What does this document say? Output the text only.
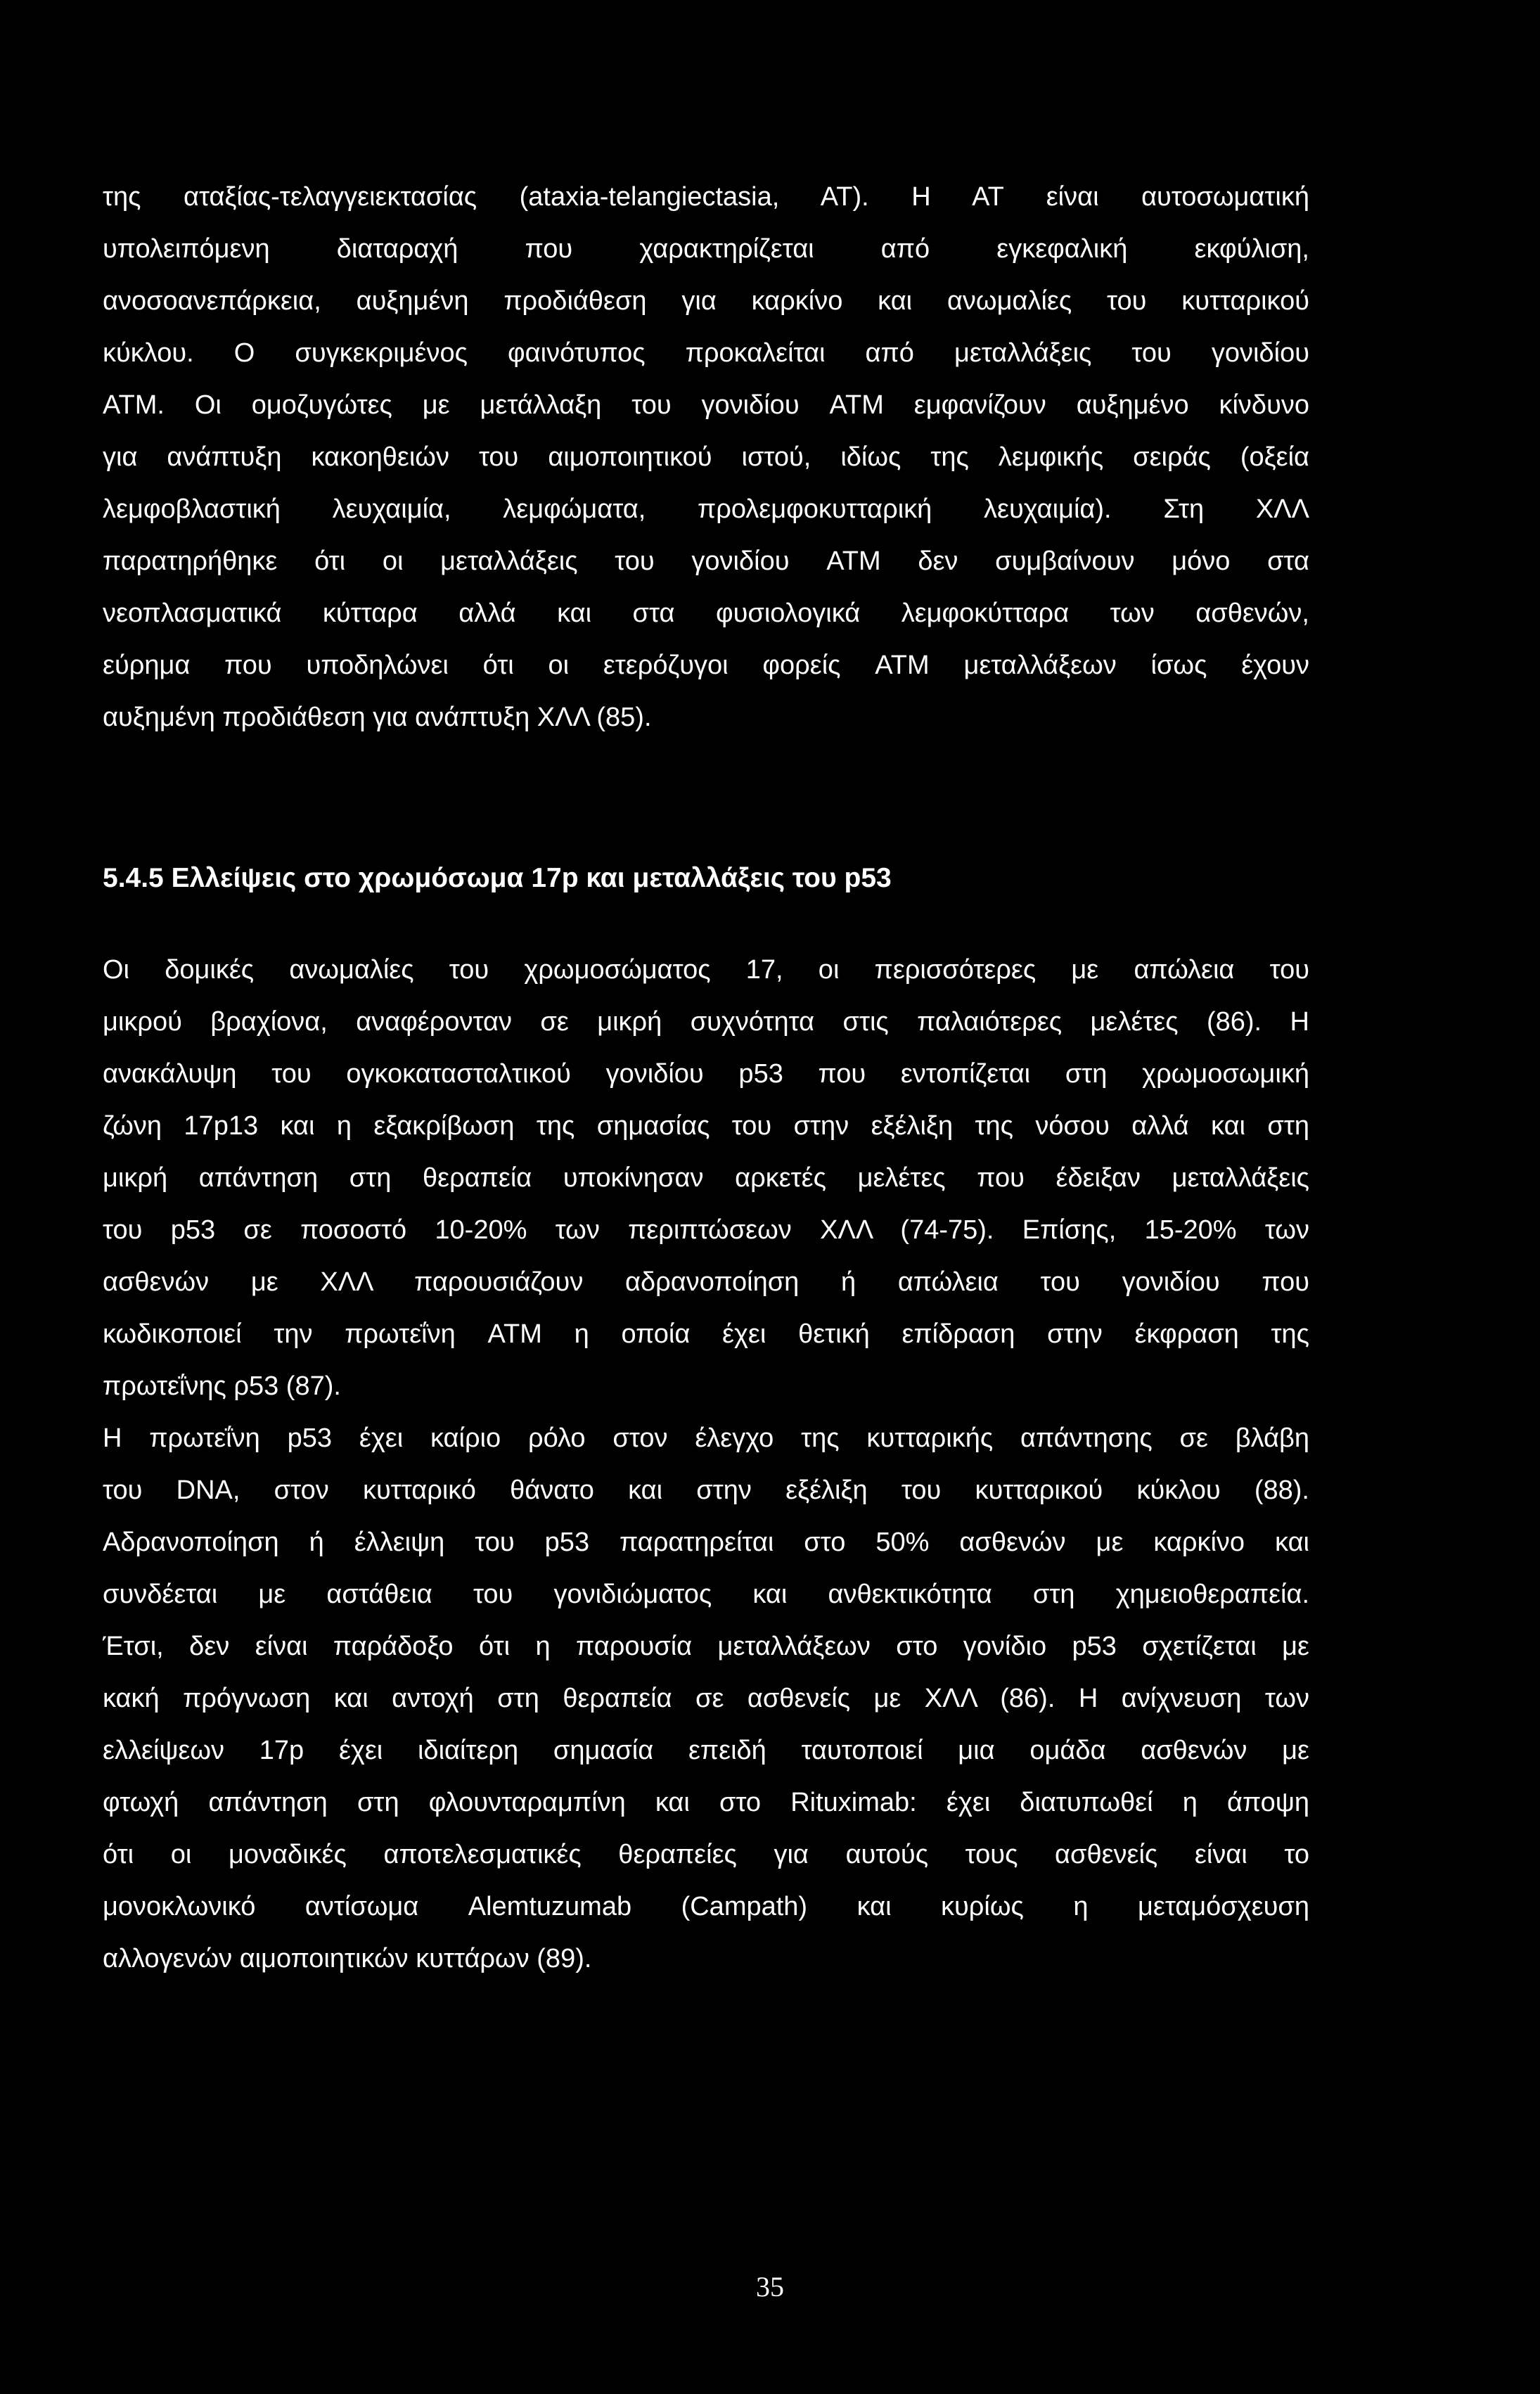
της αταξίας-τελαγγειεκτασίας (ataxia-telangiectasia, AT). H AT είναι αυτοσωματική
υπολειπόμενη διαταραχή που χαρακτηρίζεται από εγκεφαλική εκφύλιση,
ανοσοανεπάρκεια, αυξημένη προδιάθεση για καρκίνο και ανωμαλίες του κυτταρικού
κύκλου. Ο συγκεκριμένος φαινότυπος προκαλείται από μεταλλάξεις του γονιδίου
ATM. Οι ομοζυγώτες με μετάλλαξη του γονιδίου ATM εμφανίζουν αυξημένο κίνδυνο
για ανάπτυξη κακοηθειών του αιμοποιητικού ιστού, ιδίως της λεμφικής σειράς (οξεία
λεμφοβλαστική λευχαιμία, λεμφώματα, προλεμφοκυτταρική λευχαιμία). Στη ΧΛΛ
παρατηρήθηκε ότι οι μεταλλάξεις του γονιδίου ATM δεν συμβαίνουν μόνο στα
νεοπλασματικά κύτταρα αλλά και στα φυσιολογικά λεμφοκύτταρα των ασθενών,
εύρημα που υποδηλώνει ότι οι ετερόζυγοι φορείς ATM μεταλλάξεων ίσως έχουν
αυξημένη προδιάθεση για ανάπτυξη ΧΛΛ (85).
5.4.5 Ελλείψεις στο χρωμόσωμα 17p και μεταλλάξεις του p53
Οι δομικές ανωμαλίες του χρωμοσώματος 17, οι περισσότερες με απώλεια του
μικρού βραχίονα, αναφέρονταν σε μικρή συχνότητα στις παλαιότερες μελέτες (86). Η
ανακάλυψη του ογκοκατασταλτικού γονιδίου p53 που εντοπίζεται στη χρωμοσωμική
ζώνη 17p13 και η εξακρίβωση της σημασίας του στην εξέλιξη της νόσου αλλά και στη
μικρή απάντηση στη θεραπεία υποκίνησαν αρκετές μελέτες που έδειξαν μεταλλάξεις
του p53 σε ποσοστό 10-20% των περιπτώσεων ΧΛΛ (74-75). Επίσης, 15-20% των
ασθενών με ΧΛΛ παρουσιάζουν αδρανοποίηση ή απώλεια του γονιδίου που
κωδικοποιεί την πρωτεΐνη ATM η οποία έχει θετική επίδραση στην έκφραση της
πρωτεΐνης ρ53 (87).
Η πρωτεΐνη p53 έχει καίριο ρόλο στον έλεγχο της κυτταρικής απάντησης σε βλάβη
του DNA, στον κυτταρικό θάνατο και στην εξέλιξη του κυτταρικού κύκλου (88).
Αδρανοποίηση ή έλλειψη του p53 παρατηρείται στο 50% ασθενών με καρκίνο και
συνδέεται με αστάθεια του γονιδιώματος και ανθεκτικότητα στη χημειοθεραπεία.
Έτσι, δεν είναι παράδοξο ότι η παρουσία μεταλλάξεων στο γονίδιο p53 σχετίζεται με
κακή πρόγνωση και αντοχή στη θεραπεία σε ασθενείς με ΧΛΛ (86). Η ανίχνευση των
ελλείψεων 17p έχει ιδιαίτερη σημασία επειδή ταυτοποιεί μια ομάδα ασθενών με
φτωχή απάντηση στη φλουνταραμπίνη και στο Rituximab: έχει διατυπωθεί η άποψη
ότι οι μοναδικές αποτελεσματικές θεραπείες για αυτούς τους ασθενείς είναι το
μονοκλωνικό αντίσωμα Alemtuzumab (Campath) και κυρίως η μεταμόσχευση
αλλογενών αιμοποιητικών κυττάρων (89).
35
